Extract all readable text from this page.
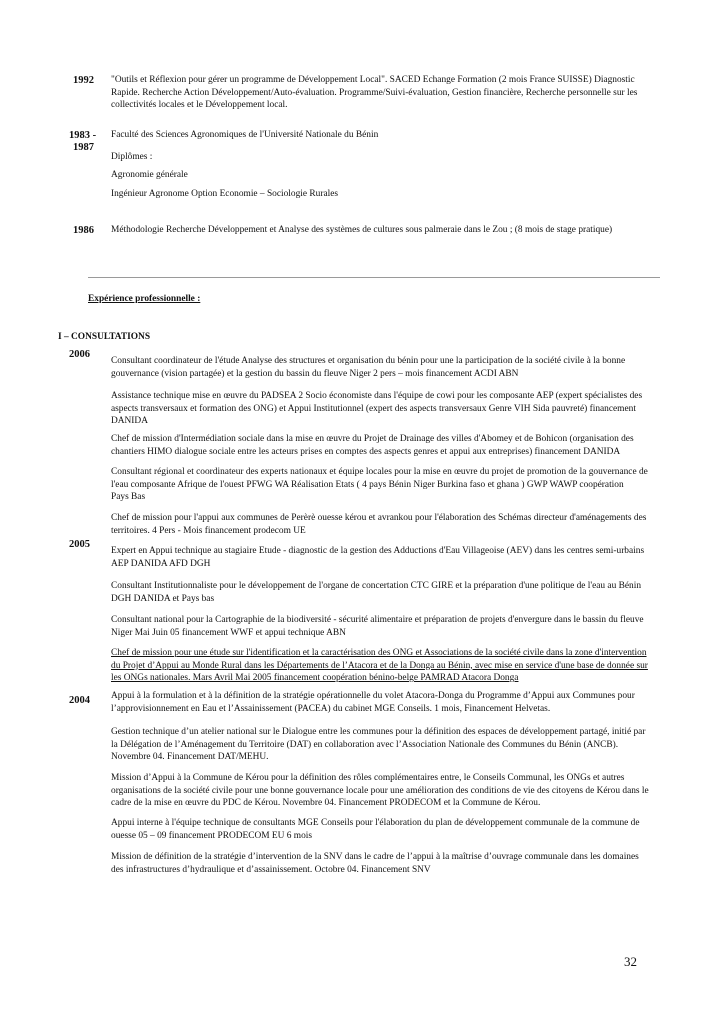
1992 "Outils et Réflexion pour gérer un programme de Développement Local". SACED Echange Formation (2 mois France SUISSE) Diagnostic
Rapide. Recherche Action Développement/Auto-évaluation. Programme/Suivi-évaluation, Gestion financière, Recherche personnelle sur les
collectivités locales et le Développement local.
1983 -
1987
Faculté des Sciences Agronomiques de l'Université Nationale du Bénin
Diplômes :
Agronomie générale
Ingénieur Agronome Option Economie – Sociologie Rurales
1986 Méthodologie Recherche Développement et Analyse des systèmes de cultures sous palmeraie dans le Zou ; (8 mois de stage pratique)
Expérience professionnelle :
I – CONSULTATIONS
2006
Consultant coordinateur de l'étude Analyse des structures et organisation du bénin pour une la participation de la société civile à la bonne
gouvernance (vision partagée) et la gestion du bassin du fleuve Niger 2 pers – mois financement ACDI ABN
Assistance technique mise en œuvre du PADSEA 2 Socio économiste dans l'équipe de cowi pour les composante AEP (expert spécialistes des
aspects transversaux et formation des ONG) et Appui Institutionnel (expert des aspects transversaux Genre VIH Sida pauvreté) financement
DANIDA
Chef de mission d'Intermédiation sociale dans la mise en œuvre du Projet de Drainage des villes d'Abomey et de Bohicon (organisation des
chantiers HIMO dialogue sociale entre les acteurs prises en comptes des aspects genres et appui aux entreprises) financement DANIDA
Consultant régional et coordinateur des experts nationaux et équipe locales pour la mise en œuvre du projet de promotion de la gouvernance de
l'eau composante Afrique de l'ouest PFWG WA Réalisation Etats ( 4 pays Bénin Niger Burkina faso et ghana ) GWP WAWP coopération
Pays Bas
Chef de mission pour l'appui aux communes de Perèrè ouesse kérou et avrankou pour l'élaboration des Schémas directeur d'aménagements des
territoires. 4 Pers - Mois financement prodecom UE
2005
Expert en Appui technique au stagiaire Etude - diagnostic de la gestion des Adductions d'Eau Villageoise (AEV) dans les centres semi-urbains
AEP DANIDA AFD DGH
Consultant Institutionnaliste pour le développement de l'organe de concertation CTC GIRE et la préparation d'une politique de l'eau au Bénin
DGH DANIDA et Pays bas
Consultant national pour la Cartographie de la biodiversité - sécurité alimentaire et préparation de projets d'envergure dans le bassin du fleuve
Niger Mai Juin 05 financement WWF et appui technique ABN
Chef de mission pour une étude sur l'identification et la caractérisation des ONG et Associations de la société civile dans la zone d'intervention
du Projet d’Appui au Monde Rural dans les Départements de l’Atacora et de la Donga au Bénin, avec mise en service d'une base de donnée sur
les ONGs nationales. Mars Avril Mai 2005 financement coopération bénino-belge PAMRAD Atacora Donga
2004 Appui à la formulation et à la définition de la stratégie opérationnelle du volet Atacora-Donga du Programme d’Appui aux Communes pour
l’approvisionnement en Eau et l’Assainissement (PACEA) du cabinet MGE Conseils. 1 mois, Financement Helvetas.
Gestion technique d’un atelier national sur le Dialogue entre les communes pour la définition des espaces de développement partagé, initié par
la Délégation de l’Aménagement du Territoire (DAT) en collaboration avec l’Association Nationale des Communes du Bénin (ANCB).
Novembre 04. Financement DAT/MEHU.
Mission d’Appui à la Commune de Kérou pour la définition des rôles complémentaires entre, le Conseils Communal, les ONGs et autres
organisations de la société civile pour une bonne gouvernance locale pour une amélioration des conditions de vie des citoyens de Kérou dans le
cadre de la mise en œuvre du PDC de Kérou. Novembre 04. Financement PRODECOM et la Commune de Kérou.
Appui interne à l'équipe technique de consultants MGE Conseils pour l'élaboration du plan de développement communale de la commune de
ouesse 05 – 09 financement PRODECOM EU 6 mois
Mission de définition de la stratégie d’intervention de la SNV dans le cadre de l’appui à la maîtrise d’ouvrage communale dans les domaines
des infrastructures d’hydraulique et d’assainissement. Octobre 04. Financement SNV
32
